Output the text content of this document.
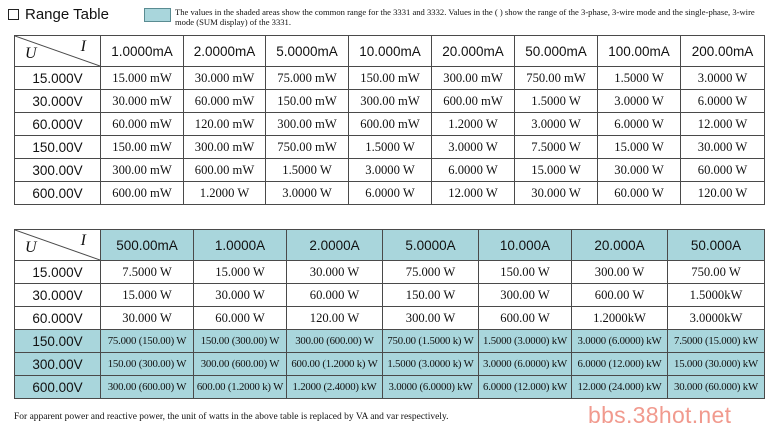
Range Table	The values in the shaded areas show the common range for the 3331 and 3332. Values in the ( ) show the range of the 3-phase, 3-wire mode and the single-phase, 3-wire mode (SUM display) of the 3331.
U I	1.0000mA	2.0000mA	5.0000mA	10.000mA	20.000mA	50.000mA	100.00mA	200.00mA
15.000V	15.000 mW	30.000 mW	75.000 mW	150.00 mW	300.00 mW	750.00 mW	1.5000 W	3.0000 W
30.000V	30.000 mW	60.000 mW	150.00 mW	300.00 mW	600.00 mW	1.5000 W	3.0000 W	6.0000 W
60.000V	60.000 mW	120.00 mW	300.00 mW	600.00 mW	1.2000 W	3.0000 W	6.0000 W	12.000 W
150.00V	150.00 mW	300.00 mW	750.00 mW	1.5000 W	3.0000 W	7.5000 W	15.000 W	30.000 W
300.00V	300.00 mW	600.00 mW	1.5000 W	3.0000 W	6.0000 W	15.000 W	30.000 W	60.000 W
600.00V	600.00 mW	1.2000 W	3.0000 W	6.0000 W	12.000 W	30.000 W	60.000 W	120.00 W
U I	500.00mA	1.0000A	2.0000A	5.0000A	10.000A	20.000A	50.000A
15.000V	7.5000 W	15.000 W	30.000 W	75.000 W	150.00 W	300.00 W	750.00 W
30.000V	15.000 W	30.000 W	60.000 W	150.00 W	300.00 W	600.00 W	1.5000kW
60.000V	30.000 W	60.000 W	120.00 W	300.00 W	600.00 W	1.2000kW	3.0000kW
150.00V	75.000 (150.00) W	150.00 (300.00) W	300.00 (600.00) W	750.00 (1.5000 k) W	1.5000 (3.0000) kW	3.0000 (6.0000) kW	7.5000 (15.000) kW
300.00V	150.00 (300.00) W	300.00 (600.00) W	600.00 (1.2000 k) W	1.5000 (3.0000 k) W	3.0000 (6.0000) kW	6.0000 (12.000) kW	15.000 (30.000) kW
600.00V	300.00 (600.00) W	600.00 (1.2000 k) W	1.2000 (2.4000) kW	3.0000 (6.0000) kW	6.0000 (12.000) kW	12.000 (24.000) kW	30.000 (60.000) kW
For apparent power and reactive power, the unit of watts in the above table is replaced by VA and var respectively.	bbs.38hot.net
